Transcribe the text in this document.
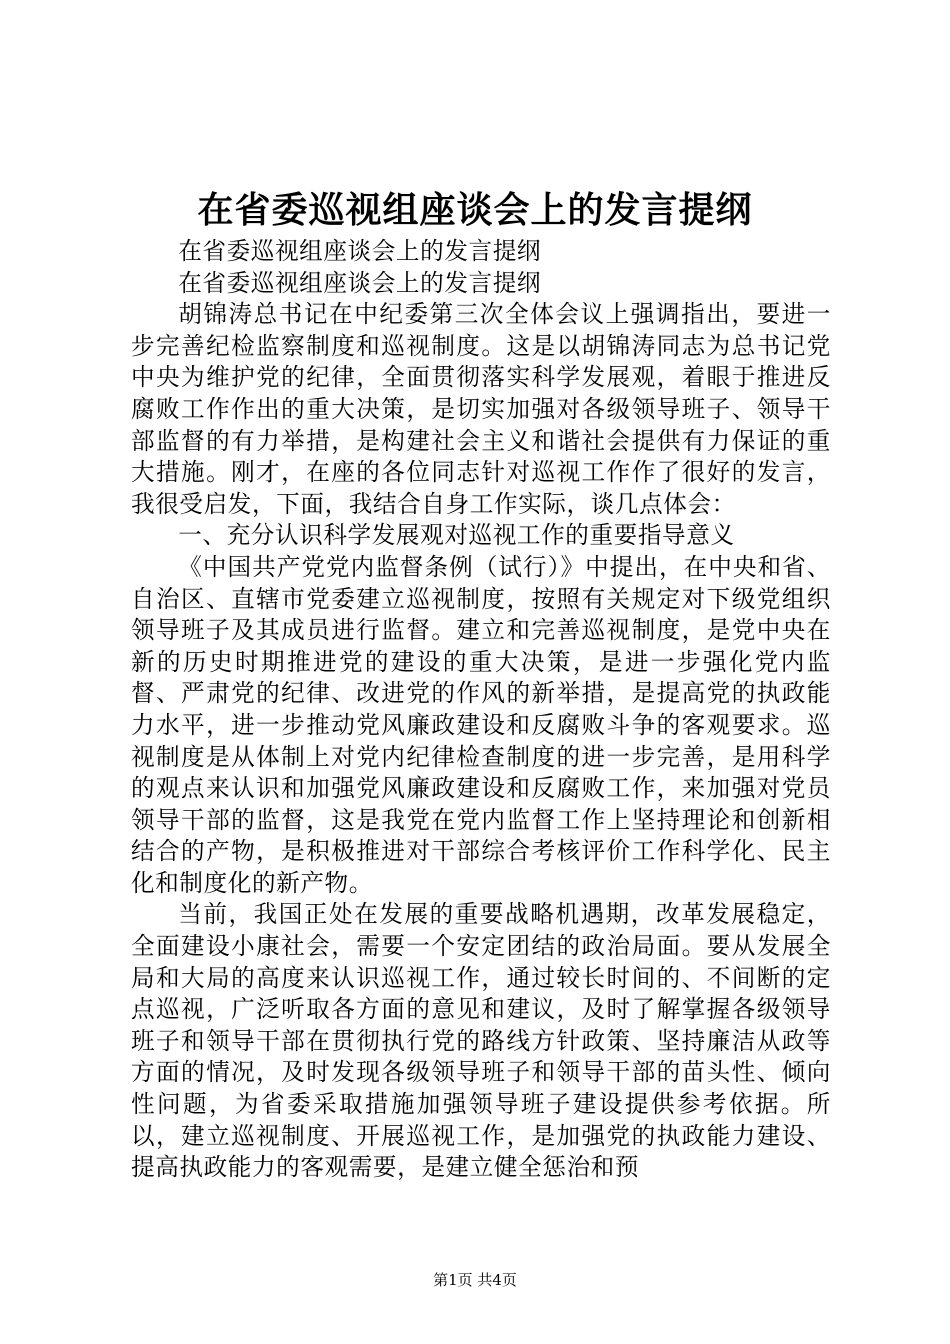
在省委巡视组座谈会上的发言提纲

在省委巡视组座谈会上的发言提纲

在省委巡视组座谈会上的发言提纲

胡锦涛总书记在中纪委第三次全体会议上强调指出，要进一步完善纪检监察制度和巡视制度。这是以胡锦涛同志为总书记党中央为维护党的纪律，全面贯彻落实科学发展观，着眼于推进反腐败工作作出的重大决策，是切实加强对各级领导班子、领导干部监督的有力举措，是构建社会主义和谐社会提供有力保证的重大措施。刚才，在座的各位同志针对巡视工作作了很好的发言，我很受启发，下面，我结合自身工作实际，谈几点体会：

一、充分认识科学发展观对巡视工作的重要指导意义

《中国共产党党内监督条例（试行）》中提出，在中央和省、自治区、直辖市党委建立巡视制度，按照有关规定对下级党组织领导班子及其成员进行监督。建立和完善巡视制度，是党中央在新的历史时期推进党的建设的重大决策，是进一步强化党内监督、严肃党的纪律、改进党的作风的新举措，是提高党的执政能力水平，进一步推动党风廉政建设和反腐败斗争的客观要求。巡视制度是从体制上对党内纪律检查制度的进一步完善，是用科学的观点来认识和加强党风廉政建设和反腐败工作，来加强对党员领导干部的监督，这是我党在党内监督工作上坚持理论和创新相结合的产物，是积极推进对干部综合考核评价工作科学化、民主化和制度化的新产物。

当前，我国正处在发展的重要战略机遇期，改革发展稳定，全面建设小康社会，需要一个安定团结的政治局面。要从发展全局和大局的高度来认识巡视工作，通过较长时间的、不间断的定点巡视，广泛听取各方面的意见和建议，及时了解掌握各级领导班子和领导干部在贯彻执行党的路线方针政策、坚持廉洁从政等方面的情况，及时发现各级领导班子和领导干部的苗头性、倾向性问题，为省委采取措施加强领导班子建设提供参考依据。所以，建立巡视制度、开展巡视工作，是加强党的执政能力建设、提高执政能力的客观需要，是建立健全惩治和预

第1页 共4页
